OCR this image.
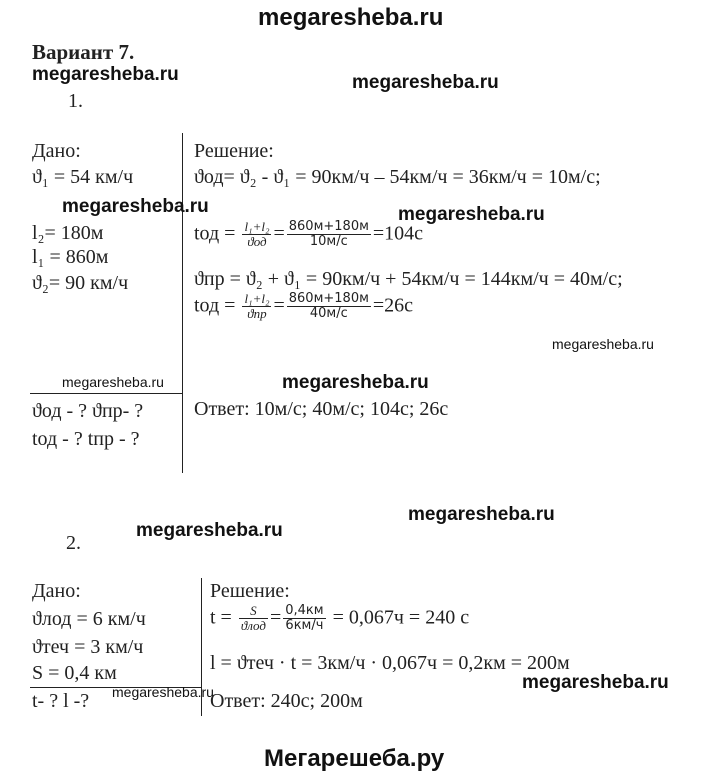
megaresheba.ru
Мегарешеба.ру
Вариант 7.
megaresheba.ru	megaresheba.ru
1.
Дано:
ϑ₁ = 54 км/ч
megaresheba.ru
l₂= 180м
l₁ = 860м
ϑ₂= 90 км/ч
megaresheba.ru
ϑод - ? ϑпр- ?
tод - ? tпр - ?
Решение:
ϑод= ϑ₂ - ϑ₁ = 90км/ч – 54км/ч = 36км/ч = 10м/с;
megaresheba.ru
tод = $\frac{\text{l₁+l₂}}{\text{ϑод}} = \frac{860м+180м}{10м/с} =104с$
ϑпр = ϑ₂ + ϑ₁ = 90км/ч + 54км/ч = 144км/ч = 40м/с;
tод = $\frac{\text{l₁+l₂}}{\text{ϑпр}} = \frac{860м+180м}{40м/с} =26с$
megaresheba.ru
megaresheba.ru
Ответ: 10м/с; 40м/с; 104с; 26с
megaresheba.ru
megaresheba.ru
2.
Дано:
ϑлод = 6 км/ч
ϑтеч = 3 км/ч
S = 0,4 км
t- ? l -? megaresheba.ru
Решение:
$t = \frac{S}{\text{ϑлод}} = \frac{0,4км}{6км/ч} = 0,067ч = 240$ с
l = ϑтеч · t = 3км/ч · 0,067ч = 0,2км = 200м
megaresheba.ru
Ответ: 240с; 200м
